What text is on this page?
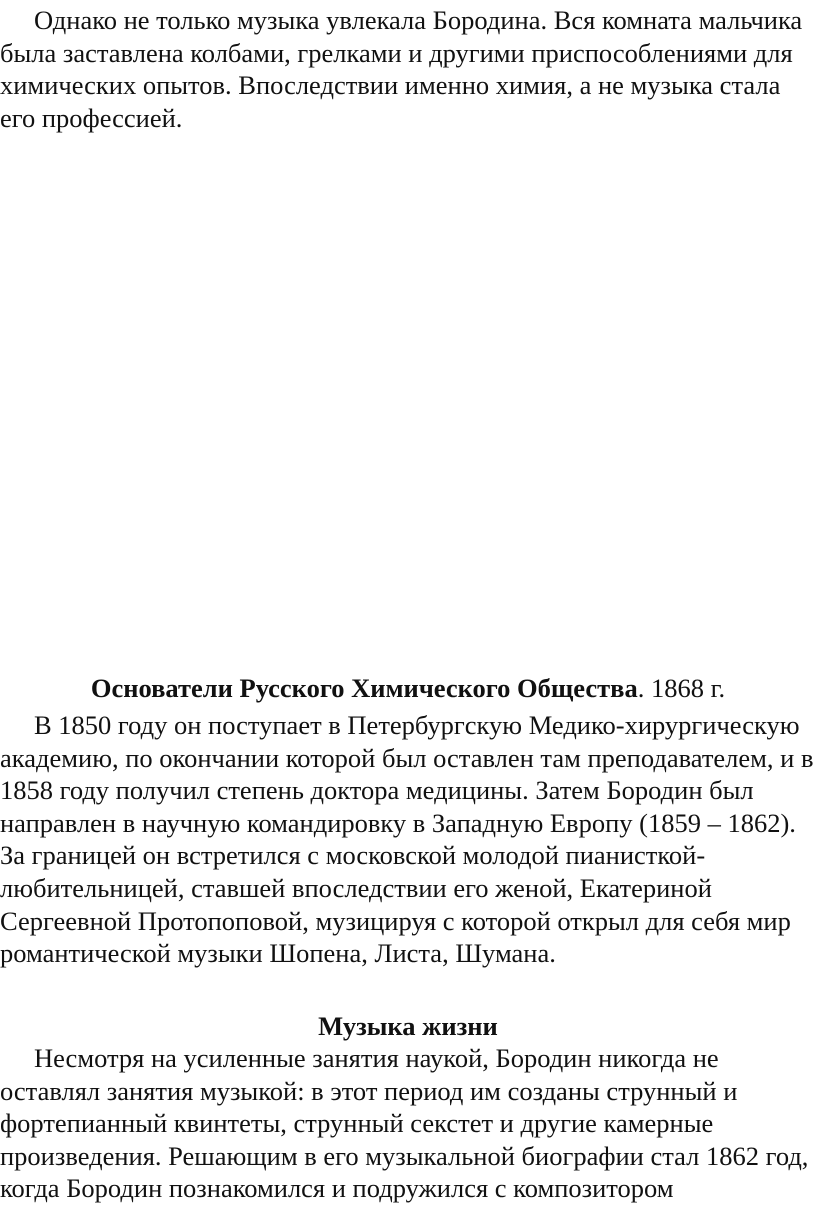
Однако не только музыка увлекала Бородина. Вся комната мальчика была заставлена колбами, грелками и другими приспособлениями для химических опытов. Впоследствии именно химия, а не музыка стала его профессией.

Основатели Русского Химического Общества. 1868 г.

В 1850 году он поступает в Петербургскую Медико-хирургическую академию, по окончании которой был оставлен там преподавателем, и в 1858 году получил степень доктора медицины. Затем Бородин был направлен в научную командировку в Западную Европу (1859 – 1862). За границей он встретился с московской молодой пианисткой-любительницей, ставшей впоследствии его женой, Екатериной Сергеевной Протопоповой, музицируя с которой открыл для себя мир романтической музыки Шопена, Листа, Шумана.

Музыка жизни

Несмотря на усиленные занятия наукой, Бородин никогда не оставлял занятия музыкой: в этот период им созданы струнный и фортепианный квинтеты, струнный секстет и другие камерные произведения. Решающим в его музыкальной биографии стал 1862 год, когда Бородин познакомился и подружился с композитором
